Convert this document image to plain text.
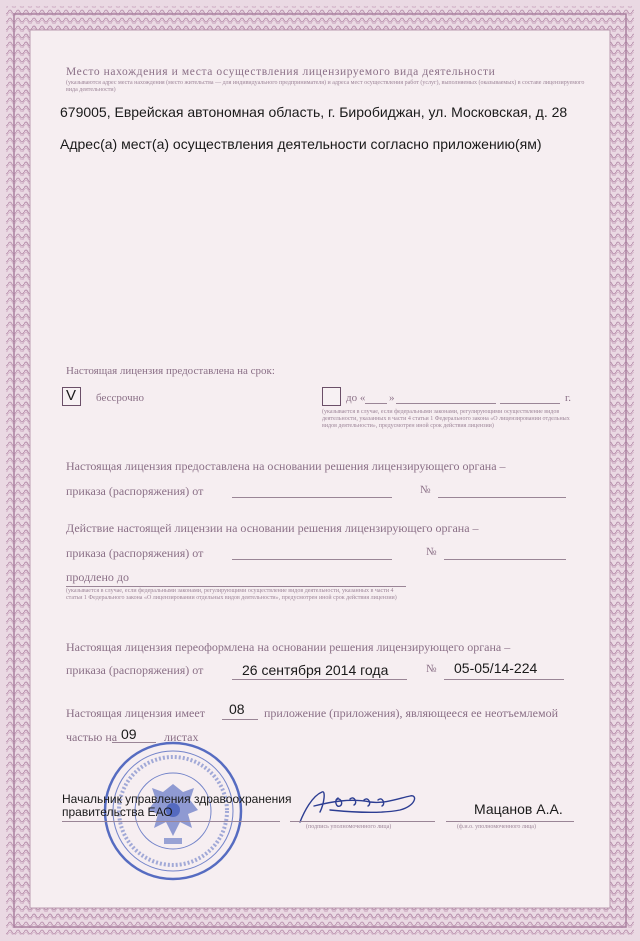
Место нахождения и места осуществления лицензируемого вида деятельности
(указываются адрес места нахождения (место жительства — для индивидуального предпринимателя) и адреса мест осуществления работ (услуг), выполняемых (оказываемых) в составе лицензируемого вида деятельности)
679005, Еврейская автономная область, г. Биробиджан, ул. Московская, д. 28
Адрес(а) мест(а) осуществления деятельности согласно приложению(ям)
Настоящая лицензия предоставлена на срок:
V бессрочно	до « »	г.
(указывается в случае, если федеральными законами, регулирующими осуществление видов деятельности, указанных в части 4 статьи 1 Федерального закона «О лицензировании отдельных видов деятельности», предусмотрен иной срок действия лицензии)
Настоящая лицензия предоставлена на основании решения лицензирующего органа –
приказа (распоряжения) от	№
Действие настоящей лицензии на основании решения лицензирующего органа –
приказа (распоряжения) от	№
продлено до
(указывается в случае, если федеральными законами, регулирующими осуществление видов деятельности, указанных в части 4 статьи 1 Федерального закона «О лицензировании отдельных видов деятельности», предусмотрен иной срок действия лицензии)
Настоящая лицензия переоформлена на основании решения лицензирующего органа –
приказа (распоряжения) от	26 сентября 2014 года	№ 05-05/14-224
Настоящая лицензия имеет 08 приложение (приложения), являющееся ее неотъемлемой
частью на 09 листах
Начальник управления здравоохранения
правительства ЕАО
(подпись уполномоченного лица)
Мацанов А.А.
(ф.и.о. уполномоченного лица)
